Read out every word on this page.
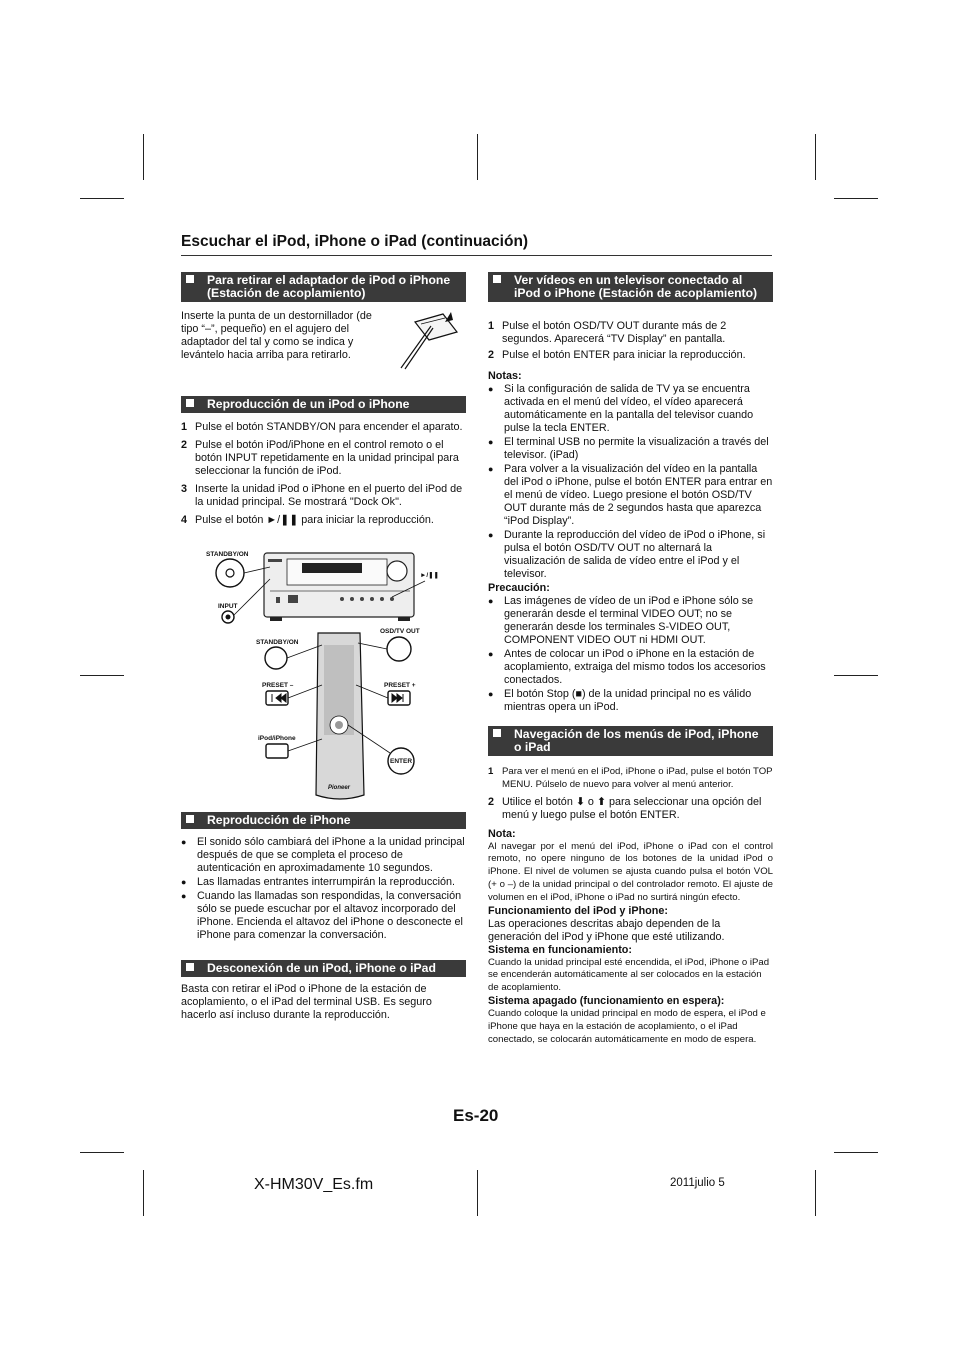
Escuchar el iPod, iPhone o iPad (continuación)
Para retirar el adaptador de iPod o iPhone
(Estación de acoplamiento)
Inserte la punta de un destornillador (de
tipo “–”, pequeño) en el agujero del
adaptador del tal y como se indica y
levántelo hacia arriba para retirarlo.
Reproducción de un iPod o iPhone
1 Pulse el botón STANDBY/ON para encender el aparato.
2 Pulse el botón iPod/iPhone en el control remoto o el botón INPUT repetidamente en la unidad principal para seleccionar la función de iPod.
3 Inserte la unidad iPod o iPhone en el puerto del iPod de la unidad principal. Se mostrará "Dock Ok".
4 Pulse el botón ►/❚❚ para iniciar la reproducción.
STANDBY/ON
INPUT
►/❚❚
STANDBY/ON
OSD/TV OUT
PRESET –	PRESET +
iPod/iPhone
ENTER
Pioneer
Reproducción de iPhone
● El sonido sólo cambiará del iPhone a la unidad principal después de que se completa el proceso de autenticación en aproximadamente 10 segundos.
● Las llamadas entrantes interrumpirán la reproducción.
● Cuando las llamadas son respondidas, la conversación sólo se puede escuchar por el altavoz incorporado del iPhone. Encienda el altavoz del iPhone o desconecte el iPhone para comenzar la conversación.
Desconexión de un iPod, iPhone o iPad
Basta con retirar el iPod o iPhone de la estación de acoplamiento, o el iPad del terminal USB. Es seguro hacerlo así incluso durante la reproducción.
Ver vídeos en un televisor conectado al
iPod o iPhone (Estación de acoplamiento)
1 Pulse el botón OSD/TV OUT durante más de 2 segundos. Aparecerá “TV Display” en pantalla.
2 Pulse el botón ENTER para iniciar la reproducción.
Notas:
● Si la configuración de salida de TV ya se encuentra activada en el menú del vídeo, el vídeo aparecerá automáticamente en la pantalla del televisor cuando pulse la tecla ENTER.
● El terminal USB no permite la visualización a través del televisor. (iPad)
● Para volver a la visualización del vídeo en la pantalla del iPod o iPhone, pulse el botón ENTER para entrar en el menú de vídeo. Luego presione el botón OSD/TV OUT durante más de 2 segundos hasta que aparezca “iPod Display”.
● Durante la reproducción del vídeo de iPod o iPhone, si pulsa el botón OSD/TV OUT no alternará la visualización de salida de vídeo entre el iPod y el televisor.
Precaución:
● Las imágenes de vídeo de un iPod e iPhone sólo se generarán desde el terminal VIDEO OUT; no se generarán desde los terminales S-VIDEO OUT, COMPONENT VIDEO OUT ni HDMI OUT.
● Antes de colocar un iPod o iPhone en la estación de acoplamiento, extraiga del mismo todos los accesorios conectados.
● El botón Stop (■) de la unidad principal no es válido mientras opera un iPod.
Navegación de los menús de iPod, iPhone
o iPad
1 Para ver el menú en el iPod, iPhone o iPad, pulse el botón TOP MENU. Púlselo de nuevo para volver al menú anterior.
2 Utilice el botón ⬇ o ⬆ para seleccionar una opción del menú y luego pulse el botón ENTER.
Nota:
Al navegar por el menú del iPod, iPhone o iPad con el control remoto, no opere ninguno de los botones de la unidad iPod o iPhone. El nivel de volumen se ajusta cuando pulsa el botón VOL (+ o –) de la unidad principal o del controlador remoto. El ajuste de volumen en el iPod, iPhone o iPad no surtirá ningún efecto.
Funcionamiento del iPod y iPhone:
Las operaciones descritas abajo dependen de la generación del iPod y iPhone que esté utilizando.
Sistema en funcionamiento:
Cuando la unidad principal esté encendida, el iPod, iPhone o iPad se encenderán automáticamente al ser colocados en la estación de acoplamiento.
Sistema apagado (funcionamiento en espera):
Cuando coloque la unidad principal en modo de espera, el iPod e iPhone que haya en la estación de acoplamiento, o el iPad conectado, se colocarán automáticamente en modo de espera.
Es-20
X-HM30V_Es.fm	2011julio 5
